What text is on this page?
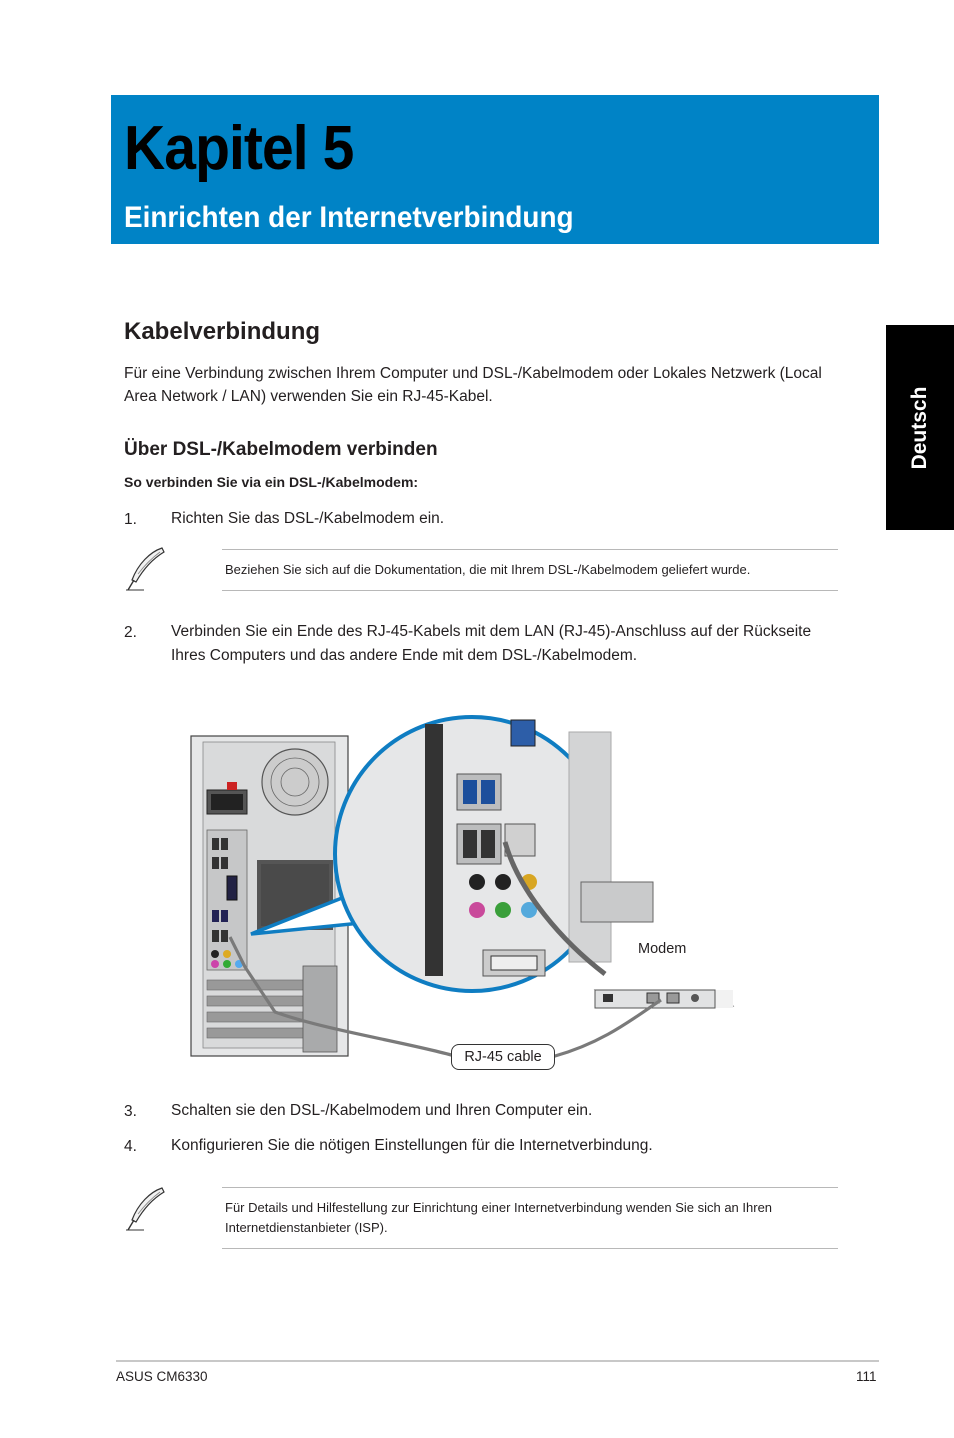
Kapitel 5
Einrichten der Internetverbindung
Deutsch
Kabelverbindung
Für eine Verbindung zwischen Ihrem Computer und DSL-/Kabelmodem oder Lokales Netzwerk (Local Area Network / LAN) verwenden Sie ein RJ-45-Kabel.
Über DSL-/Kabelmodem verbinden
So verbinden Sie via ein DSL-/Kabelmodem:
1. Richten Sie das DSL-/Kabelmodem ein.
Beziehen Sie sich auf die Dokumentation, die mit Ihrem DSL-/Kabelmodem geliefert wurde.
2. Verbinden Sie ein Ende des RJ-45-Kabels mit dem LAN (RJ-45)-Anschluss auf der Rückseite Ihres Computers und das andere Ende mit dem DSL-/Kabelmodem.
Modem
RJ-45 cable
3. Schalten sie den DSL-/Kabelmodem und Ihren Computer ein.
4. Konfigurieren Sie die nötigen Einstellungen für die Internetverbindung.
Für Details und Hilfestellung zur Einrichtung einer Internetverbindung wenden Sie sich an Ihren Internetdienstanbieter (ISP).
ASUS CM6330	111
